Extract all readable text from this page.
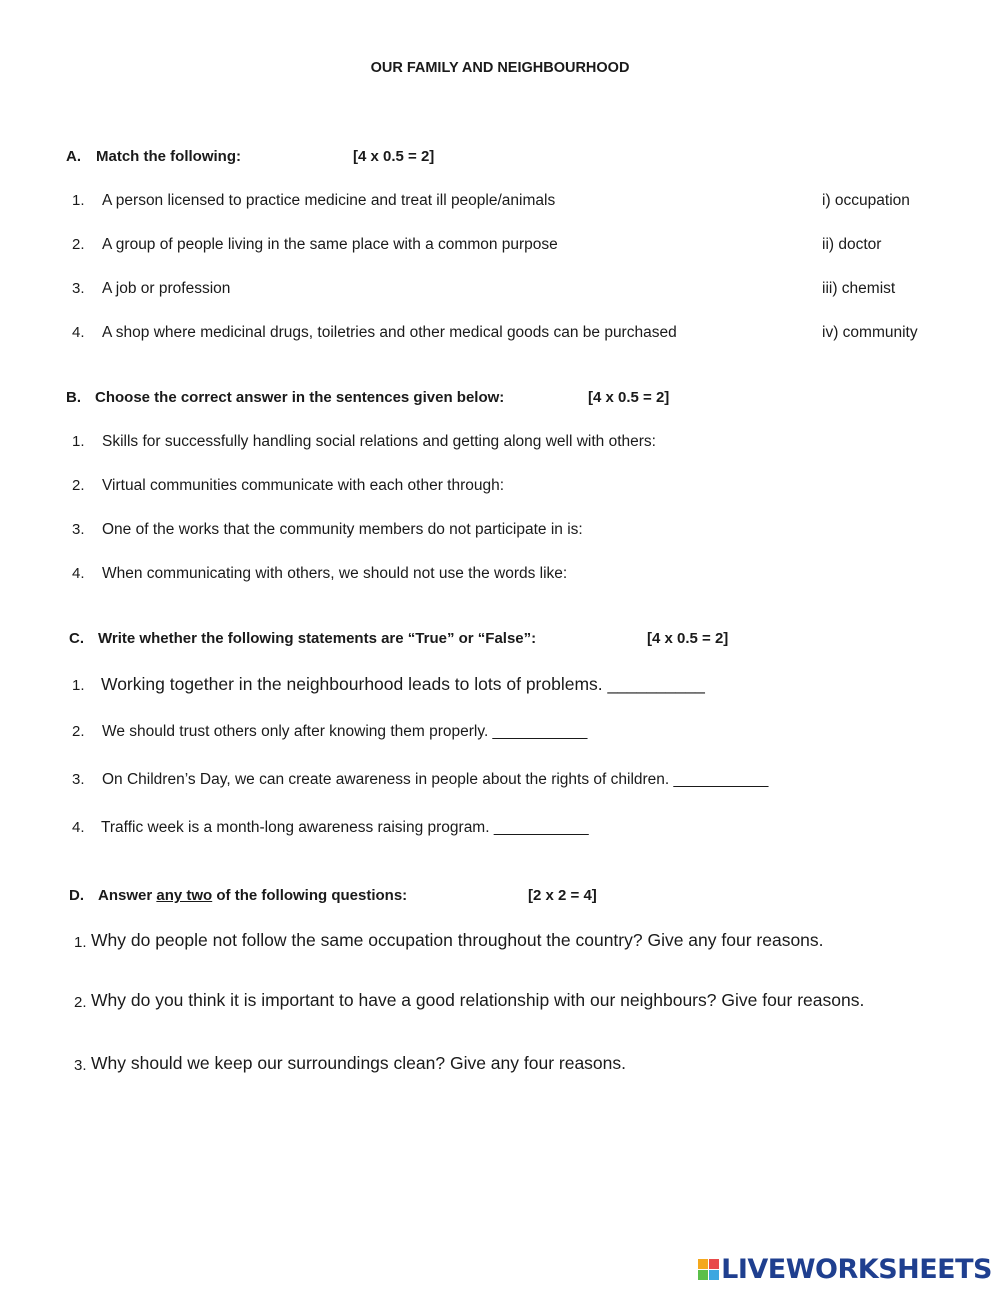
OUR FAMILY AND NEIGHBOURHOOD
A. Match the following:	[4 x 0.5 = 2]
1. A person licensed to practice medicine and treat ill people/animals	i) occupation
2. A group of people living in the same place with a common purpose	ii) doctor
3. A job or profession	iii) chemist
4. A shop where medicinal drugs, toiletries and other medical goods can be purchased	iv) community
B. Choose the correct answer in the sentences given below:	[4 x 0.5 = 2]
1. Skills for successfully handling social relations and getting along well with others:
2. Virtual communities communicate with each other through:
3. One of the works that the community members do not participate in is:
4. When communicating with others, we should not use the words like:
C. Write whether the following statements are “True” or “False”:	[4 x 0.5 = 2]
1. Working together in the neighbourhood leads to lots of problems. __________
2. We should trust others only after knowing them properly. ___________
3. On Children’s Day, we can create awareness in people about the rights of children. ___________
4. Traffic week is a month-long awareness raising program. ___________
D. Answer any two of the following questions:	[2 x 2 = 4]
1. Why do people not follow the same occupation throughout the country? Give any four reasons.
2. Why do you think it is important to have a good relationship with our neighbours? Give four reasons.
3. Why should we keep our surroundings clean? Give any four reasons.
LIVEWORKSHEETS
